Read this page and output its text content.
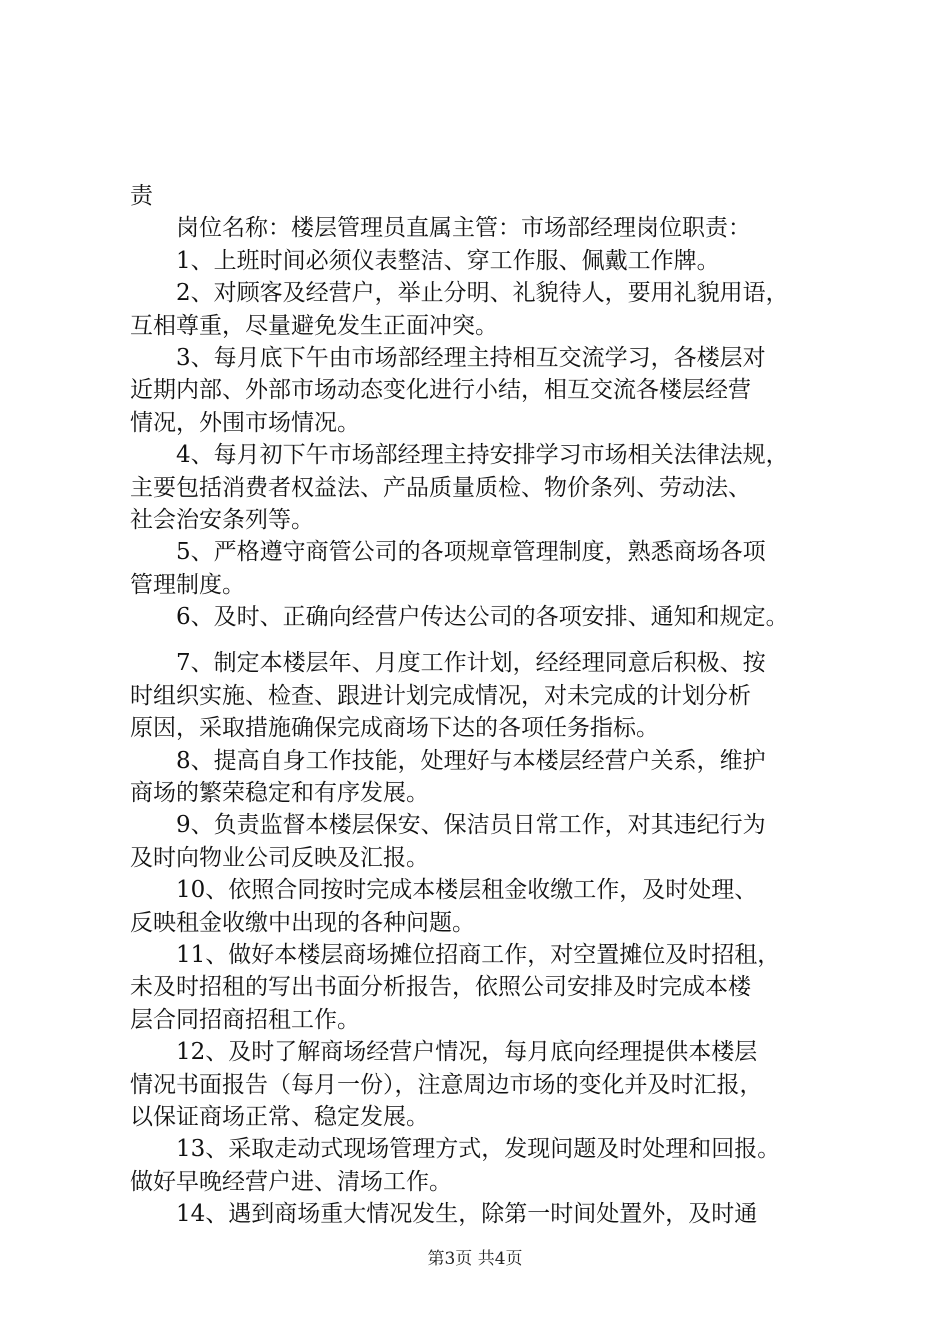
责
岗位名称：楼层管理员直属主管：市场部经理岗位职责：
1、上班时间必须仪表整洁、穿工作服、佩戴工作牌。
2、对顾客及经营户，举止分明、礼貌待人，要用礼貌用语，
互相尊重，尽量避免发生正面冲突。
3、每月底下午由市场部经理主持相互交流学习，各楼层对
近期内部、外部市场动态变化进行小结，相互交流各楼层经营
情况，外围市场情况。
4、每月初下午市场部经理主持安排学习市场相关法律法规，
主要包括消费者权益法、产品质量质检、物价条列、劳动法、
社会治安条列等。
5、严格遵守商管公司的各项规章管理制度，熟悉商场各项
管理制度。
6、及时、正确向经营户传达公司的各项安排、通知和规定。
7、制定本楼层年、月度工作计划，经经理同意后积极、按
时组织实施、检查、跟进计划完成情况，对未完成的计划分析
原因，采取措施确保完成商场下达的各项任务指标。
8、提高自身工作技能，处理好与本楼层经营户关系，维护
商场的繁荣稳定和有序发展。
9、负责监督本楼层保安、保洁员日常工作，对其违纪行为
及时向物业公司反映及汇报。
10、依照合同按时完成本楼层租金收缴工作，及时处理、
反映租金收缴中出现的各种问题。
11、做好本楼层商场摊位招商工作，对空置摊位及时招租，
未及时招租的写出书面分析报告，依照公司安排及时完成本楼
层合同招商招租工作。
12、及时了解商场经营户情况，每月底向经理提供本楼层
情况书面报告（每月一份），注意周边市场的变化并及时汇报，
以保证商场正常、稳定发展。
13、采取走动式现场管理方式，发现问题及时处理和回报。
做好早晚经营户进、清场工作。
14、遇到商场重大情况发生，除第一时间处置外，及时通
第3页 共4页
